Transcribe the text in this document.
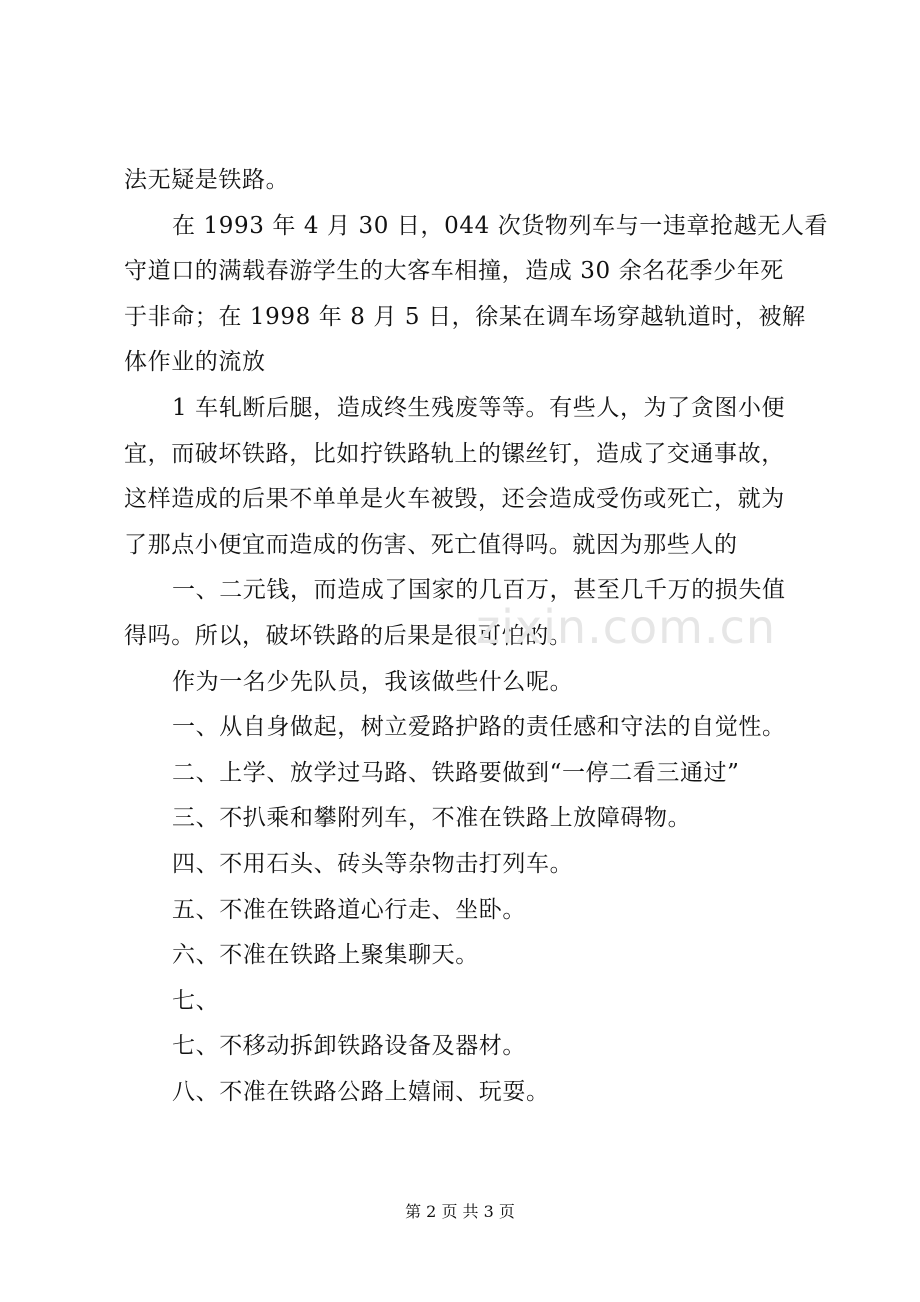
法无疑是铁路。
在 1993 年 4 月 30 日，044 次货物列车与一违章抢越无人看
守道口的满载春游学生的大客车相撞，造成 30 余名花季少年死
于非命；在 1998 年 8 月 5 日，徐某在调车场穿越轨道时，被解
体作业的流放
1 车轧断后腿，造成终生残废等等。有些人，为了贪图小便
宜，而破坏铁路，比如拧铁路轨上的镙丝钉，造成了交通事故，
这样造成的后果不单单是火车被毁，还会造成受伤或死亡，就为
了那点小便宜而造成的伤害、死亡值得吗。就因为那些人的
一、二元钱，而造成了国家的几百万，甚至几千万的损失值
得吗。所以，破坏铁路的后果是很可怕的。
作为一名少先队员，我该做些什么呢。
一、从自身做起，树立爱路护路的责任感和守法的自觉性。
二、上学、放学过马路、铁路要做到“一停二看三通过”
三、不扒乘和攀附列车，不准在铁路上放障碍物。
四、不用石头、砖头等杂物击打列车。
五、不准在铁路道心行走、坐卧。
六、不准在铁路上聚集聊天。
七、
七、不移动拆卸铁路设备及器材。
八、不准在铁路公路上嬉闹、玩耍。
zixin.com.cn
第 2 页 共 3 页
